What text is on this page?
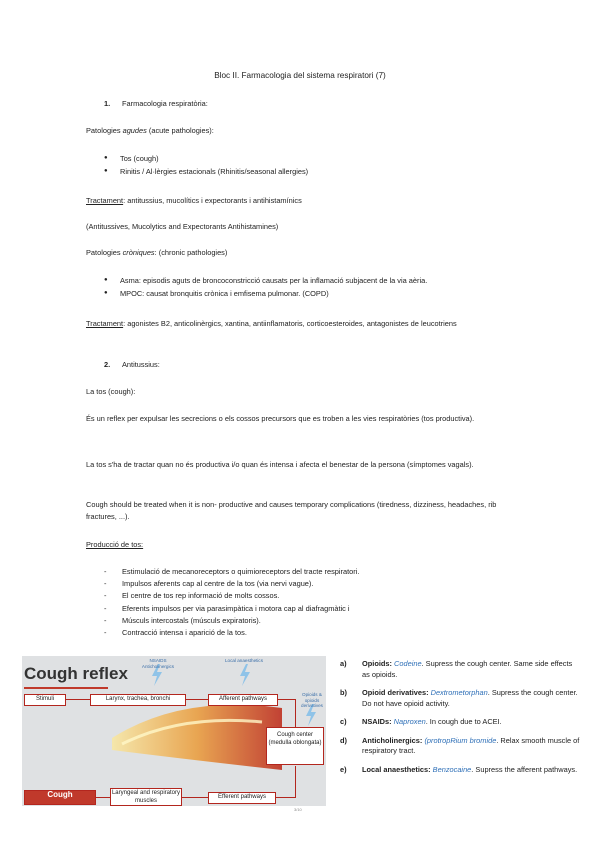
Bloc II. Farmacologia del sistema respiratori (7)
1. Farmacologia respiratòria:
Patologies agudes (acute pathologies):
● Tos (cough)
● Rinitis / Al·lèrgies estacionals (Rhinitis/seasonal allergies)
Tractament: antitussius, mucolítics i expectorants i antihistamínics
(Antitussives, Mucolytics and Expectorants Antihistamines)
Patologies cròniques: (chronic pathologies)
● Asma: episodis aguts de broncoconstricció causats per la inflamació subjacent de la via aèria.
● MPOC: causat bronquitis crònica i emfisema pulmonar. (COPD)
Tractament: agonistes B2, anticolinèrgics, xantina, antiinflamatoris, corticoesteroides, antagonistes de leucotriens
2. Antitussius:
La tos (cough):
És un reflex per expulsar les secrecions o els cossos precursors que es troben a les vies respiratòries (tos productiva).
La tos s'ha de tractar quan no és productiva i/o quan és intensa i afecta el benestar de la persona (símptomes vagals).
Cough should be treated when it is non- productive and causes temporary complications (tiredness, dizziness, headaches, rib fractures, ...).
Producció de tos:
- Estimulació de mecanoreceptors o quimioreceptors del tracte respiratori.
- Impulsos aferents cap al centre de la tos (via nervi vague).
- El centre de tos rep informació de molts cossos.
- Eferents impulsos per via parasimpàtica i motora cap al diafragmàtic i
- Músculs intercostals (músculs expiratoris).
- Contracció intensa i aparició de la tos.
Cough reflex
NSAIDS Anticholinergics
Local anaesthetics
Opioids & opioids derivatives
Stimuli	Larynx, trachea, bronchi	Afferent pathways
Cough center (medulla oblongata)
Efferent pathways
Laryngeal and respiratory muscles
Cough
3/10
a) Opioids: Codeine. Supress the cough center. Same side effects as opioids.
b) Opioid derivatives: Dextrometorphan. Supress the cough center. Do not have opioid activity.
c) NSAIDs: Naproxen. In cough due to ACEI.
d) Anticholinergics: (protropRium bromide. Relax smooth muscle of respiratory tract.
e) Local anaesthetics: Benzocaine. Supress the afferent pathways.
